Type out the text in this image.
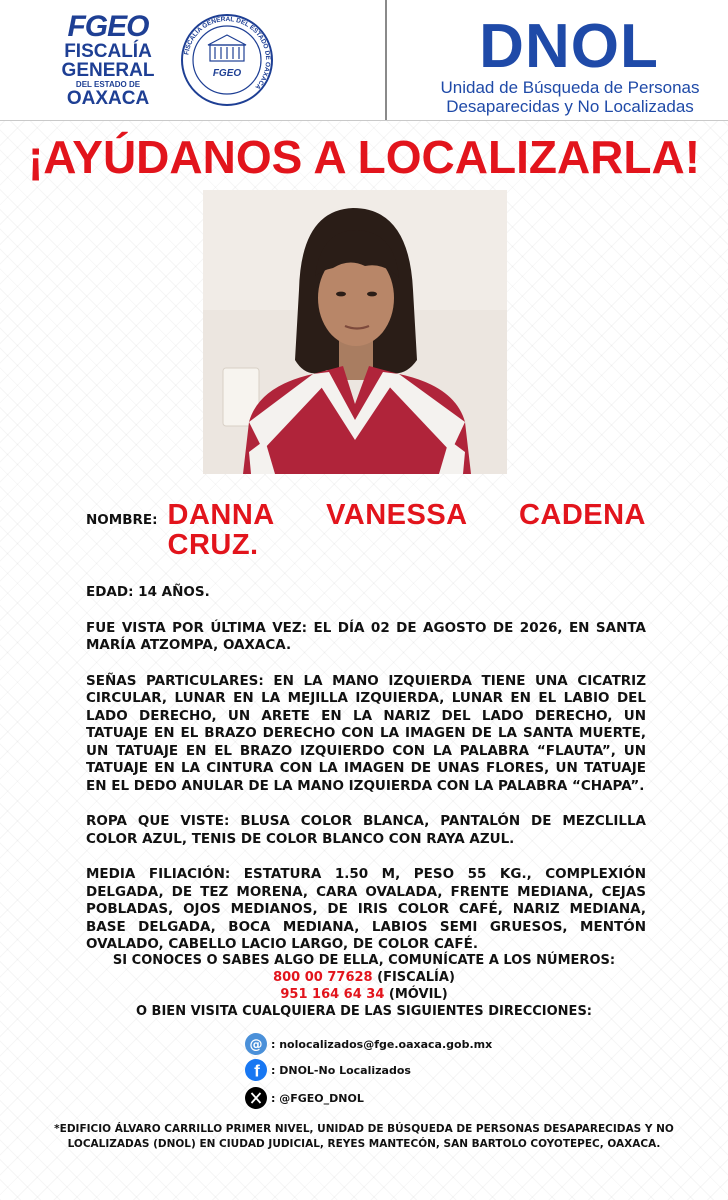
FGEO
FISCALÍA
GENERAL
DEL ESTADO DE
OAXACA
FISCALÍA GENERAL DEL ESTADO DE OAXACA
FGEO	DNOL
Unidad de Búsqueda de Personas
Desaparecidas y No Localizadas
¡AYÚDANOS A LOCALIZARLA!
NOMBRE: DANNA VANESSA CADENA CRUZ.

EDAD: 14 AÑOS.

FUE VISTA POR ÚLTIMA VEZ: EL DÍA 02 DE AGOSTO DE 2026, EN SANTA MARÍA ATZOMPA, OAXACA.

SEÑAS PARTICULARES: EN LA MANO IZQUIERDA TIENE UNA CICATRIZ CIRCULAR, LUNAR EN LA MEJILLA IZQUIERDA, LUNAR EN EL LABIO DEL LADO DERECHO, UN ARETE EN LA NARIZ DEL LADO DERECHO, UN TATUAJE EN EL BRAZO DERECHO CON LA IMAGEN DE LA SANTA MUERTE, UN TATUAJE EN EL BRAZO IZQUIERDO CON LA PALABRA “FLAUTA”, UN TATUAJE EN LA CINTURA CON LA IMAGEN DE UNAS FLORES, UN TATUAJE EN EL DEDO ANULAR DE LA MANO IZQUIERDA CON LA PALABRA “CHAPA”.

ROPA QUE VISTE: BLUSA COLOR BLANCA, PANTALÓN DE MEZCLILLA COLOR AZUL, TENIS DE COLOR BLANCO CON RAYA AZUL.

MEDIA FILIACIÓN: ESTATURA 1.50 M, PESO 55 KG., COMPLEXIÓN DELGADA, DE TEZ MORENA, CARA OVALADA, FRENTE MEDIANA, CEJAS POBLADAS, OJOS MEDIANOS, DE IRIS COLOR CAFÉ, NARIZ MEDIANA, BASE DELGADA, BOCA MEDIANA, LABIOS SEMI GRUESOS, MENTÓN OVALADO, CABELLO LACIO LARGO, DE COLOR CAFÉ.

SI CONOCES O SABES ALGO DE ELLA, COMUNÍCATE A LOS NÚMEROS:
800 00 77628 (FISCALÍA)
951 164 64 34 (MÓVIL)
O BIEN VISITA CUALQUIERA DE LAS SIGUIENTES DIRECCIONES:
@ : nolocalizados@fge.oaxaca.gob.mx
f : DNOL-No Localizados
: @FGEO_DNOL
*EDIFICIO ÁLVARO CARRILLO PRIMER NIVEL, UNIDAD DE BÚSQUEDA DE PERSONAS DESAPARECIDAS Y NO LOCALIZADAS (DNOL) EN CIUDAD JUDICIAL, REYES MANTECÓN, SAN BARTOLO COYOTEPEC, OAXACA.
